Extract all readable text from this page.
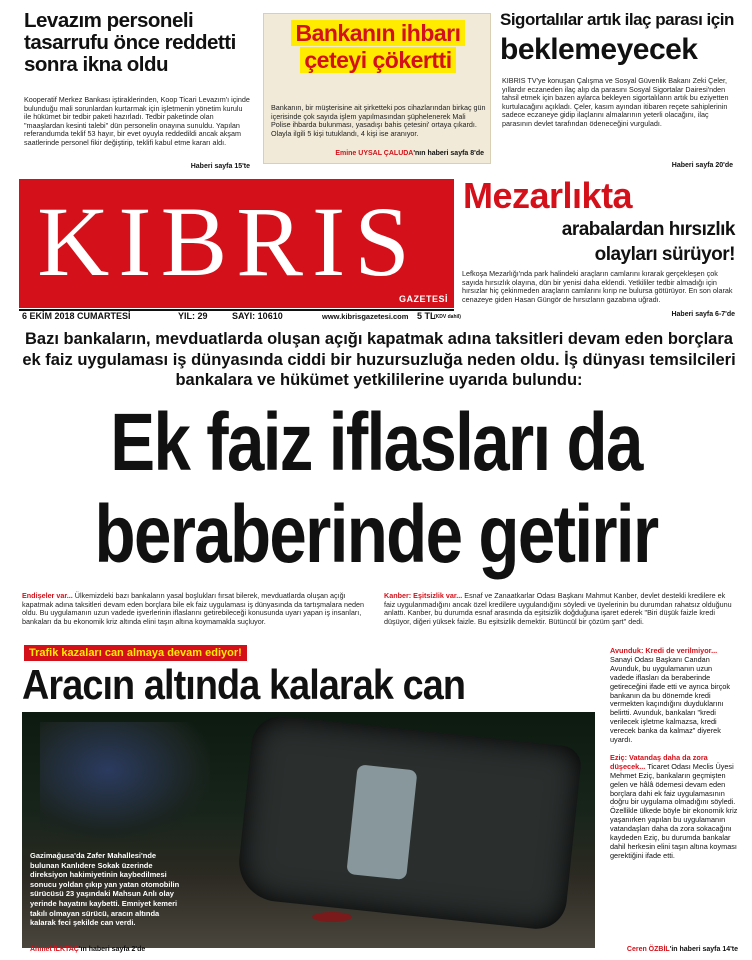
Levazım personeli tasarrufu önce reddetti sonra ikna oldu
Kooperatif Merkez Bankası iştiraklerinden, Koop Ticari Levazım'ı içinde bulunduğu mali sorunlardan kurtarmak için işletmenin yönetim kurulu ile hükümet bir tedbir paketi hazırladı. Tedbir paketinde olan "maaşlardan kesinti talebi" dün personelin onayına sunuldu. Yapılan referandumda teklif 53 hayır, bir evet oyuyla reddedildi ancak akşam saatlerinde personel fikir değiştirip, teklifi kabul etme kararı aldı.
Haberi sayfa 15'te
Bankanın ihbarı
çeteyi çökertti
Bankanın, bir müşterisine ait şirketteki pos cihazlarından birkaç gün içerisinde çok sayıda işlem yapılmasından şüphelenerek Mali Polise ihbarda bulunması, yasadışı bahis çetesini' ortaya çıkardı. Olayla ilgili 5 kişi tutuklandı, 4 kişi ise aranıyor.
Emine UYSAL ÇALUDA'nın haberi sayfa 8'de
Sigortalılar artık ilaç parası için
beklemeyecek
KIBRIS TV'ye konuşan Çalışma ve Sosyal Güvenlik Bakanı Zeki Çeler, yıllardır eczaneden ilaç alıp da parasını Sosyal Sigortalar Dairesi'nden tahsil etmek için bazen aylarca bekleyen sigortalıların artık bu eziyetten kurtulacağını açıkladı. Çeler, kasım ayından itibaren reçete sahiplerinin sadece eczaneye gidip ilaçlarını almalarının yeterli olacağını, ilaç parasının devlet tarafından ödeneceğini vurguladı.
Haberi sayfa 20'de
KIBRIS
GAZETESİ
6 EKİM 2018 CUMARTESİ	YIL: 29	SAYI: 10610	www.kibrisgazetesi.com 5 TL
(KDV dahil)
Mezarlıkta
arabalardan hırsızlık
olayları sürüyor!
Lefkoşa Mezarlığı'nda park halindeki araçların camlarını kırarak gerçekleşen çok sayıda hırsızlık olayına, dün bir yenisi daha eklendi. Yetkililer tedbir almadığı için hırsızlar hiç çekinmeden araçların camlarını kırıp ne bulursa götürüyor. En son olarak cenazeye giden Hasan Güngör de hırsızların gazabına uğradı.
Haberi sayfa 6-7'de
Bazı bankaların, mevduatlarda oluşan açığı kapatmak adına taksitleri devam eden borçlara ek faiz uygulaması iş dünyasında ciddi bir huzursuzluğa neden oldu. İş dünyası temsilcileri bankalara ve hükümet yetkililerine uyarıda bulundu:
Ek faiz iflasları da
beraberinde getirir
Endişeler var... Ülkemizdeki bazı bankaların yasal boşlukları fırsat bilerek, mevduatlarda oluşan açığı kapatmak adına taksitleri devam eden borçlara bile ek faiz uygulaması iş dünyasında da tartışmalara neden oldu. Bu uygulamanın uzun vadede işverlerinin iflaslarını getirebileceği konusunda uyarı yapan iş insanları, bankaları da bu ekonomik kriz altında elini taşın altına koymamakla suçluyor.
Kanber: Eşitsizlik var... Esnaf ve Zanaatkarlar Odası Başkanı Mahmut Kanber, devlet destekli kredilere ek faiz uygulanmadığını ancak özel kredilere uygulandığını söyledi ve üyelerinin bu durumdan rahatsız olduğunu anlattı. Kanber, bu durumda esnaf arasında da eşitsizlik doğduğuna işaret ederek "Biri düşük faizle kredi düşüyor, diğeri yüksek faizle. Bu eşitsizlik demektir. Bütüncül bir çözüm şart" dedi.
Trafik kazaları can almaya devam ediyor!
Aracın altında kalarak can
Gazimağusa'da Zafer Mahallesi'nde bulunan Kanlıdere Sokak üzerinde direksiyon hakimiyetinin kaybedilmesi sonucu yoldan çıkıp yan yatan otomobilin sürücüsü 23 yaşındaki Mahsun Anlı olay yerinde hayatını kaybetti. Emniyet kemeri takılı olmayan sürücü, aracın altında kalarak feci şekilde can verdi.
Ahmet İLKTAÇ'ın haberi sayfa 2'de
Avunduk: Kredi de verilmiyor... Sanayi Odası Başkanı Candan Avunduk, bu uygulamanın uzun vadede iflasları da beraberinde getireceğini ifade etti ve ayrıca birçok bankanın da bu dönemde kredi vermekten kaçındığını duyduklarını belirtti. Avunduk, bankaları "kredi verilecek işletme kalmazsa, kredi verecek banka da kalmaz" diyerek uyardı.

Eziç: Vatandaş daha da zora düşecek... Ticaret Odası Meclis Üyesi Mehmet Eziç, bankaların geçmişten gelen ve hâlâ ödemesi devam eden borçlara dahi ek faiz uygulamasının doğru bir uygulama olmadığını söyledi. Özellikle ülkede böyle bir ekonomik kriz yaşanırken yapılan bu uygulamanın vatandaşları daha da zora sokacağını kaydeden Eziç, bu durumda bankalar dahil herkesin elini taşın altına koyması gerektiğini ifade etti.
Ceren ÖZBİL'in haberi sayfa 14'te
